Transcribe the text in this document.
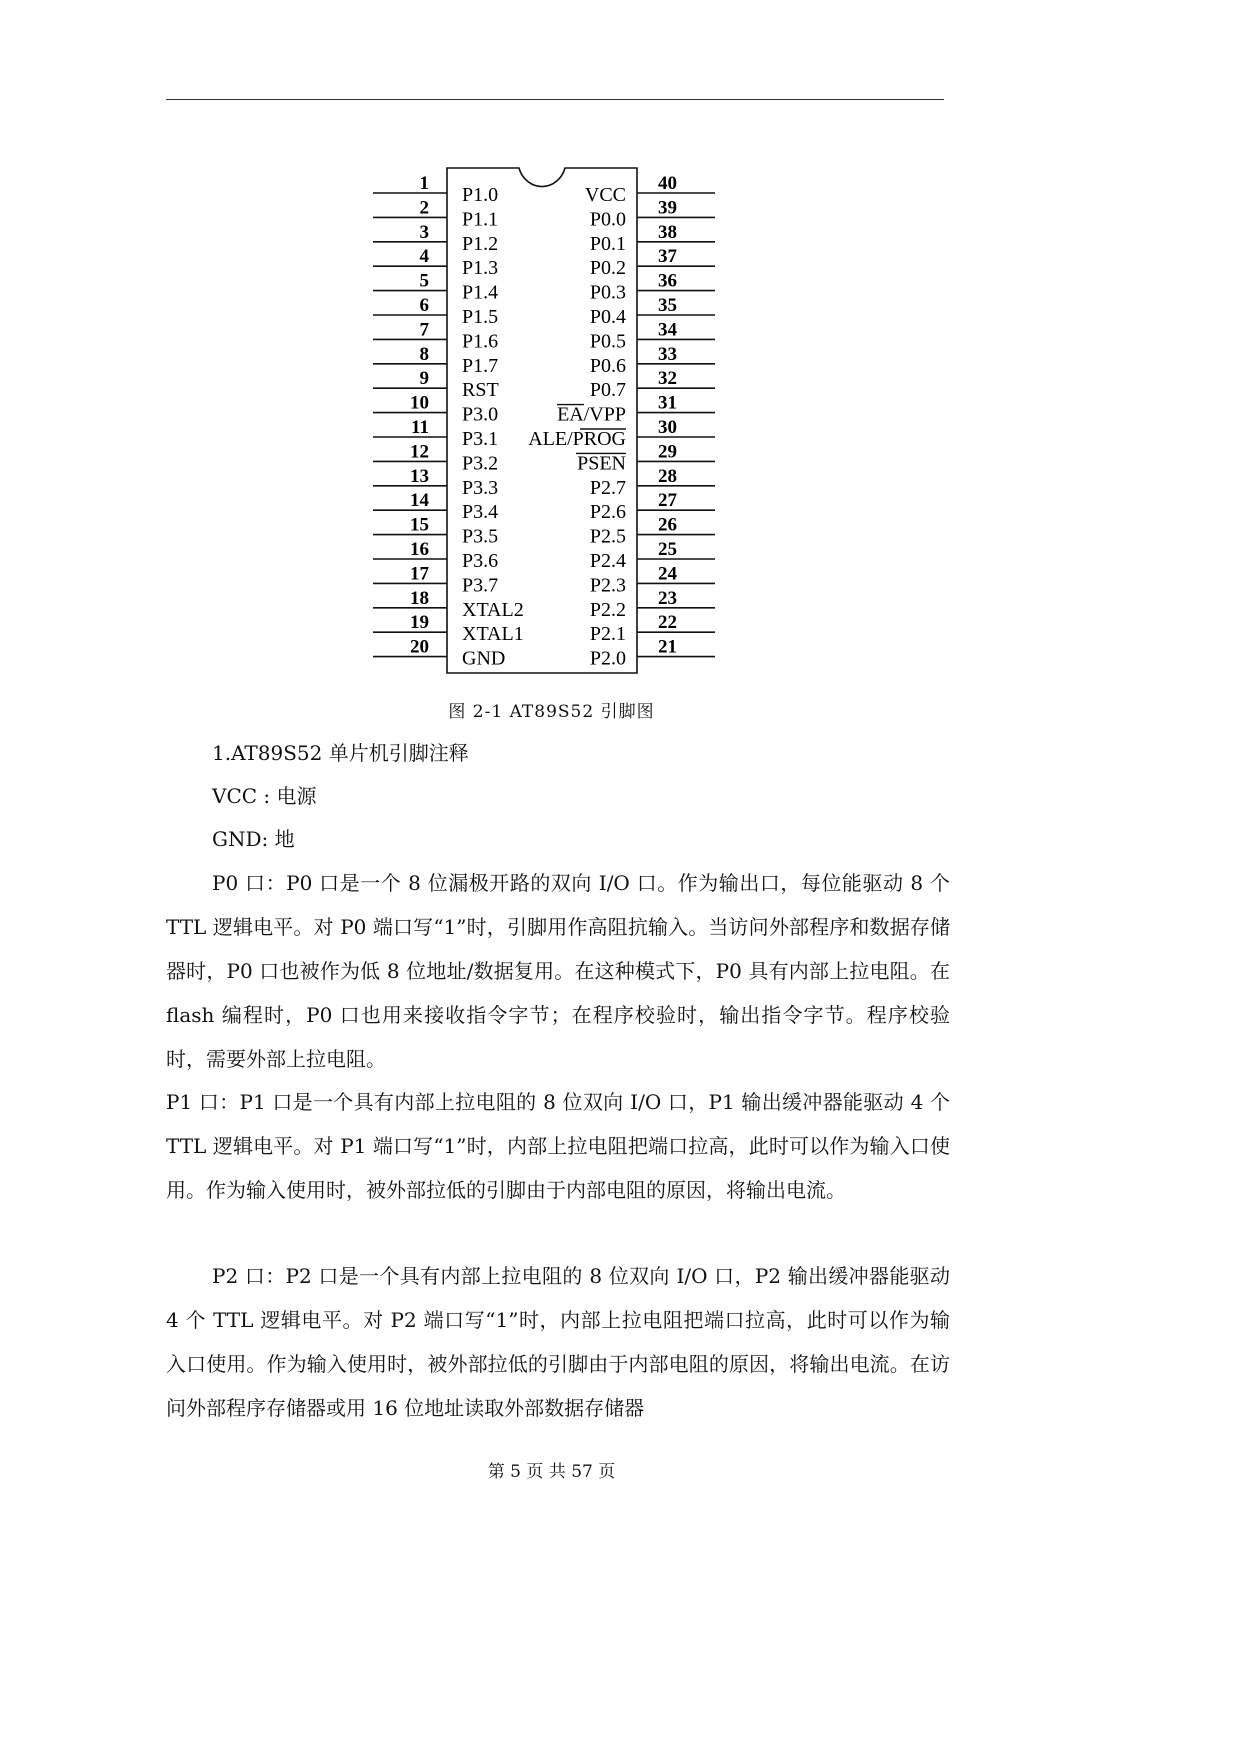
1
P1.0
2
P1.1
3
P1.2
4
P1.3
5
P1.4
6
P1.5
7
P1.6
8
P1.7
9
RST
10
P3.0
11
P3.1
12
P3.2
13
P3.3
14
P3.4
15
P3.5
16
P3.6
17
P3.7
18
XTAL2
19
XTAL1
20
GND
40
VCC
39
P0.0
38
P0.1
37
P0.2
36
P0.3
35
P0.4
34
P0.5
33
P0.6
32
P0.7
31
EA/VPP
30
ALE/PROG
29
PSEN
28
P2.7
27
P2.6
26
P2.5
25
P2.4
24
P2.3
23
P2.2
22
P2.1
21
P2.0
图 2-1 AT89S52 引脚图

1.AT89S52 单片机引脚注释

VCC : 电源

GND: 地

P0 口：P0 口是一个 8 位漏极开路的双向 I/O 口。作为输出口，每位能驱动 8 个 TTL 逻辑电平。对 P0 端口写“1”时，引脚用作高阻抗输入。当访问外部程序和数据存储器时，P0 口也被作为低 8 位地址/数据复用。在这种模式下，P0 具有内部上拉电阻。在 flash 编程时，P0 口也用来接收指令字节；在程序校验时，输出指令字节。程序校验时，需要外部上拉电阻。

P1 口：P1 口是一个具有内部上拉电阻的 8 位双向 I/O 口，P1 输出缓冲器能驱动 4 个 TTL 逻辑电平。对 P1 端口写“1”时，内部上拉电阻把端口拉高，此时可以作为输入口使用。作为输入使用时，被外部拉低的引脚由于内部电阻的原因，将输出电流。

P2 口：P2 口是一个具有内部上拉电阻的 8 位双向 I/O 口，P2 输出缓冲器能驱动 4 个 TTL 逻辑电平。对 P2 端口写“1”时，内部上拉电阻把端口拉高，此时可以作为输入口使用。作为输入使用时，被外部拉低的引脚由于内部电阻的原因，将输出电流。在访问外部程序存储器或用 16 位地址读取外部数据存储器

第 5 页 共 57 页
